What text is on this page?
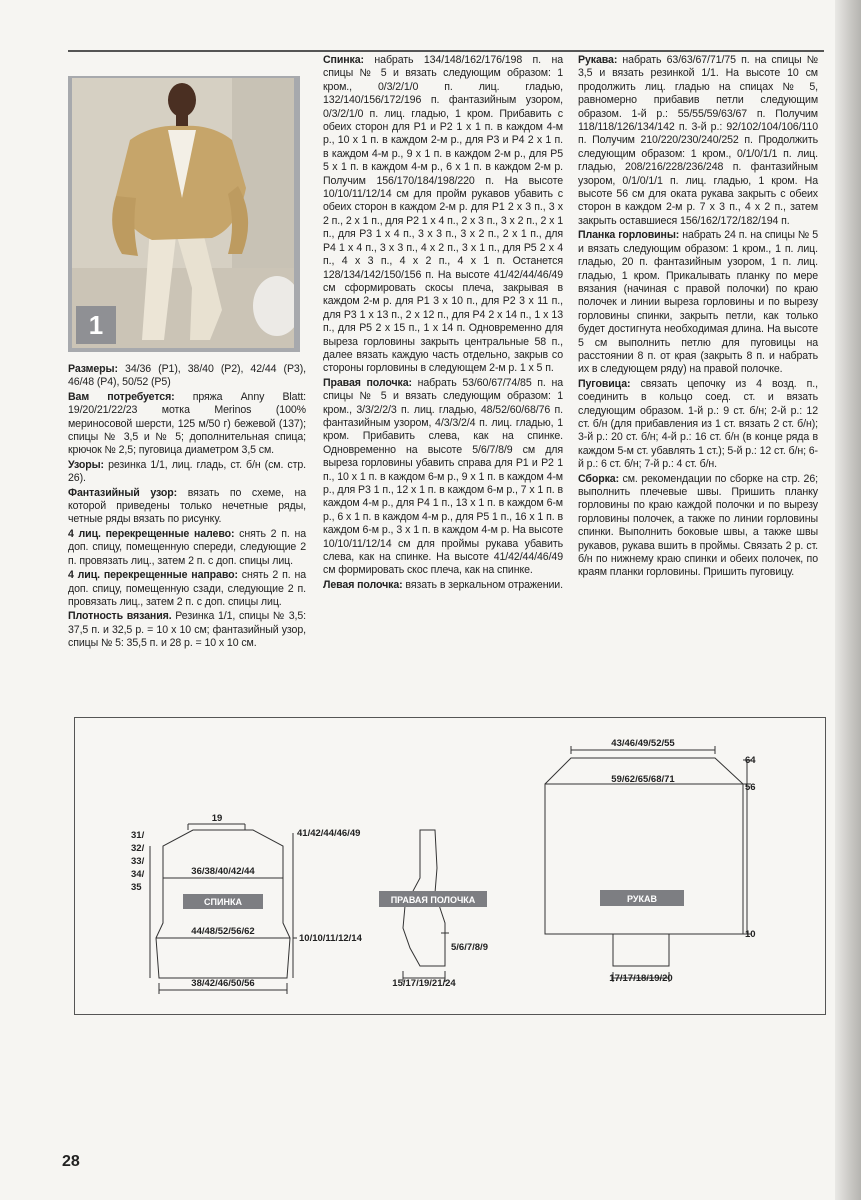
1

Размеры: 34/36 (Р1), 38/40 (Р2), 42/44 (Р3), 46/48 (Р4), 50/52 (Р5)

Вам потребуется: пряжа Anny Blatt: 19/20/21/22/23 мотка Merinos (100% мериносовой шерсти, 125 м/50 г) бежевой (137); спицы № 3,5 и № 5; дополнительная спица; крючок № 2,5; пуговица диаметром 3,5 см.

Узоры: резинка 1/1, лиц. гладь, ст. б/н (см. стр. 26).

Фантазийный узор: вязать по схеме, на которой приведены только нечетные ряды, четные ряды вязать по рисунку.

4 лиц. перекрещенные налево: снять 2 п. на доп. спицу, помещенную спереди, следующие 2 п. провязать лиц., затем 2 п. с доп. спицы лиц.

4 лиц. перекрещенные направо: снять 2 п. на доп. спицу, помещенную сзади, следующие 2 п. провязать лиц., затем 2 п. с доп. спицы лиц.

Плотность вязания. Резинка 1/1, спицы № 3,5: 37,5 п. и 32,5 р. = 10 х 10 см; фантазийный узор, спицы № 5: 35,5 п. и 28 р. = 10 х 10 см.

Спинка: набрать 134/148/162/176/198 п. на спицы № 5 и вязать следующим образом: 1 кром., 0/3/2/1/0 п. лиц. гладью, 132/140/156/172/196 п. фантазийным узором, 0/3/2/1/0 п. лиц. гладью, 1 кром. Прибавить с обеих сторон для Р1 и Р2 1 х 1 п. в каждом 4-м р., 10 х 1 п. в каждом 2-м р., для Р3 и Р4 2 х 1 п. в каждом 4-м р., 9 х 1 п. в каждом 2-м р., для Р5 5 х 1 п. в каждом 4-м р., 6 х 1 п. в каждом 2-м р. Получим 156/170/184/198/220 п. На высоте 10/10/11/12/14 см для пройм рукавов убавить с обеих сторон в каждом 2-м р. для Р1 2 х 3 п., 3 х 2 п., 2 х 1 п., для Р2 1 х 4 п., 2 х 3 п., 3 х 2 п., 2 х 1 п., для Р3 1 х 4 п., 3 х 3 п., 3 х 2 п., 2 х 1 п., для Р4 1 х 4 п., 3 х 3 п., 4 х 2 п., 3 х 1 п., для Р5 2 х 4 п., 4 х 3 п., 4 х 2 п., 4 х 1 п. Останется 128/134/142/150/156 п. На высоте 41/42/44/46/49 см сформировать скосы плеча, закрывая в каждом 2-м р. для Р1 3 х 10 п., для Р2 3 х 11 п., для Р3 1 х 13 п., 2 х 12 п., для Р4 2 х 14 п., 1 х 13 п., для Р5 2 х 15 п., 1 х 14 п. Одновременно для выреза горловины закрыть центральные 58 п., далее вязать каждую часть отдельно, закрыв со стороны горловины в следующем 2-м р. 1 х 5 п.

Правая полочка: набрать 53/60/67/74/85 п. на спицы № 5 и вязать следующим образом: 1 кром., 3/3/2/2/3 п. лиц. гладью, 48/52/60/68/76 п. фантазийным узором, 4/3/3/2/4 п. лиц. гладью, 1 кром. Прибавить слева, как на спинке. Одновременно на высоте 5/6/7/8/9 см для выреза горловины убавить справа для Р1 и Р2 1 п., 10 х 1 п. в каждом 6-м р., 9 х 1 п. в каждом 4-м р., для Р3 1 п., 12 х 1 п. в каждом 6-м р., 7 х 1 п. в каждом 4-м р., для Р4 1 п., 13 х 1 п. в каждом 6-м р., 6 х 1 п. в каждом 4-м р., для Р5 1 п., 16 х 1 п. в каждом 6-м р., 3 х 1 п. в каждом 4-м р. На высоте 10/10/11/12/14 см для проймы рукава убавить слева, как на спинке. На высоте 41/42/44/46/49 см формировать скос плеча, как на спинке.

Левая полочка: вязать в зеркальном отражении.

Рукава: набрать 63/63/67/71/75 п. на спицы № 3,5 и вязать резинкой 1/1. На высоте 10 см продолжить лиц. гладью на спицах № 5, равномерно прибавив петли следующим образом. 1-й р.: 55/55/59/63/67 п. Получим 118/118/126/134/142 п. 3-й р.: 92/102/104/106/110 п. Получим 210/220/230/240/252 п. Продолжить следующим образом: 1 кром., 0/1/0/1/1 п. лиц. гладью, 208/216/228/236/248 п. фантазийным узором, 0/1/0/1/1 п. лиц. гладью, 1 кром. На высоте 56 см для оката рукава закрыть с обеих сторон в каждом 2-м р. 7 х 3 п., 4 х 2 п., затем закрыть оставшиеся 156/162/172/182/194 п.

Планка горловины: набрать 24 п. на спицы № 5 и вязать следующим образом: 1 кром., 1 п. лиц. гладью, 20 п. фантазийным узором, 1 п. лиц. гладью, 1 кром. Прикалывать планку по мере вязания (начиная с правой полочки) по краю полочек и линии выреза горловины и по вырезу горловины спинки, закрыть петли, как только будет достигнута необходимая длина. На высоте 5 см выполнить петлю для пуговицы на расстоянии 8 п. от края (закрыть 8 п. и набрать их в следующем ряду) на правой полочке.

Пуговица: связать цепочку из 4 возд. п., соединить в кольцо соед. ст. и вязать следующим образом. 1-й р.: 9 ст. б/н; 2-й р.: 12 ст. б/н (для прибавления из 1 ст. вязать 2 ст. б/н); 3-й р.: 20 ст. б/н; 4-й р.: 16 ст. б/н (в конце ряда в каждом 5-м ст. убавлять 1 ст.); 5-й р.: 12 ст. б/н; 6-й р.: 6 ст. б/н; 7-й р.: 4 ст. б/н.

Сборка: см. рекомендации по сборке на стр. 26; выполнить плечевые швы. Пришить планку горловины по краю каждой полочки и по вырезу горловины полочек, а также по линии горловины спинки. Выполнить боковые швы, а также швы рукавов, рукава вшить в проймы. Связать 2 р. ст. б/н по нижнему краю спинки и обеих полочек, по краям планки горловины. Пришить пуговицу.

СПИНКА	ПРАВАЯ ПОЛОЧКА	РУКАВ
19
36/38/40/42/44
44/48/52/56/62
38/42/46/50/56
31/
32/
33/
34/
35
41/42/44/46/49
10/10/11/12/14
5/6/7/8/9
15/17/19/21/24
43/46/49/52/55
59/62/65/68/71
64
56
10
17/17/18/19/20
28
